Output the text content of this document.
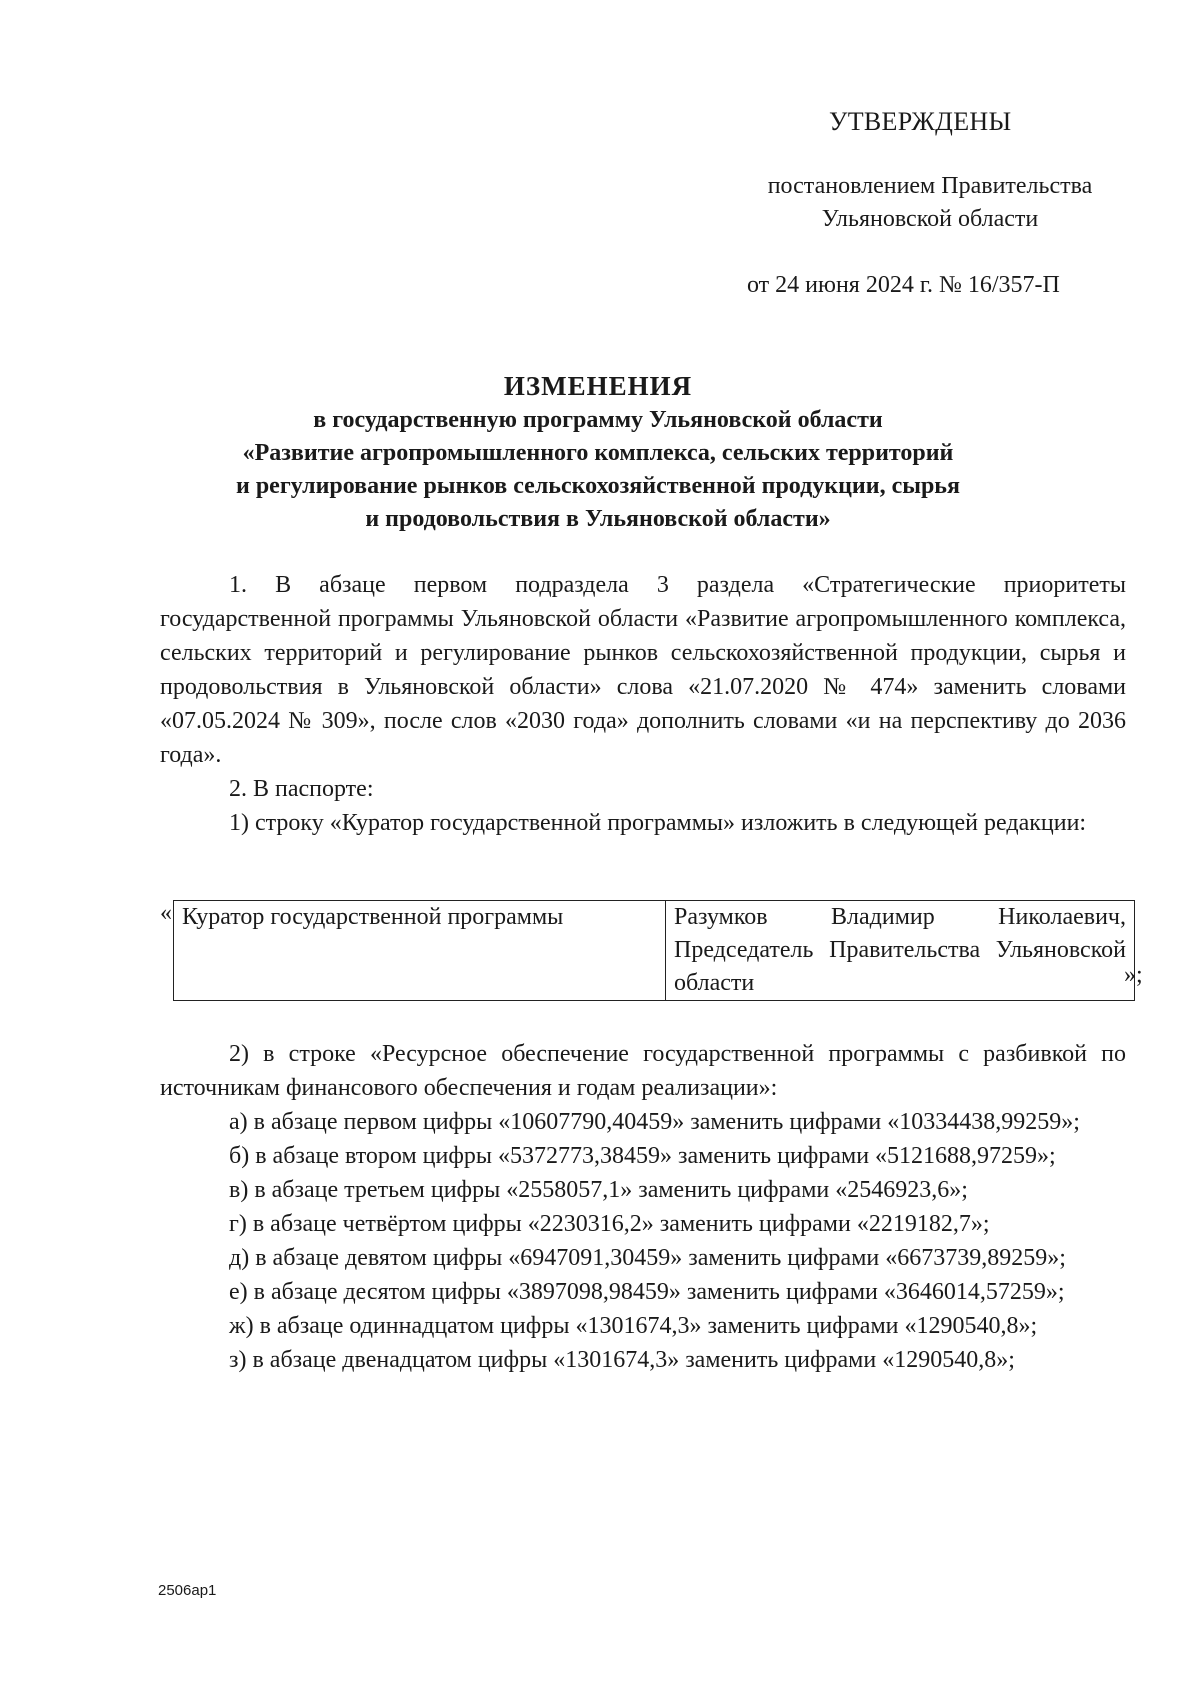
УТВЕРЖДЕНЫ

постановлением Правительства
Ульяновской области

от 24 июня 2024 г. № 16/357-П

ИЗМЕНЕНИЯ
в государственную программу Ульяновской области
«Развитие агропромышленного комплекса, сельских территорий
и регулирование рынков сельскохозяйственной продукции, сырья
и продовольствия в Ульяновской области»

1. В абзаце первом подраздела 3 раздела «Стратегические приоритеты государственной программы Ульяновской области «Развитие агропромышленного комплекса, сельских территорий и регулирование рынков сельскохозяйственной продукции, сырья и продовольствия в Ульяновской области» слова «21.07.2020 № 474» заменить словами «07.05.2024 № 309», после слов «2030 года» дополнить словами «и на перспективу до 2036 года».

2. В паспорте:

1) строку «Куратор государственной программы» изложить в следующей редакции:

« Куратор государственной программы	Разумков Владимир Николаевич, Председатель Правительства Ульяновской области	»;

2) в строке «Ресурсное обеспечение государственной программы с разбивкой по источникам финансового обеспечения и годам реализации»:

а) в абзаце первом цифры «10607790,40459» заменить цифрами «10334438,99259»;

б) в абзаце втором цифры «5372773,38459» заменить цифрами «5121688,97259»;

в) в абзаце третьем цифры «2558057,1» заменить цифрами «2546923,6»;

г) в абзаце четвёртом цифры «2230316,2» заменить цифрами «2219182,7»;

д) в абзаце девятом цифры «6947091,30459» заменить цифрами «6673739,89259»;

е) в абзаце десятом цифры «3897098,98459» заменить цифрами «3646014,57259»;

ж) в абзаце одиннадцатом цифры «1301674,3» заменить цифрами «1290540,8»;

з) в абзаце двенадцатом цифры «1301674,3» заменить цифрами «1290540,8»;

2506ap1
